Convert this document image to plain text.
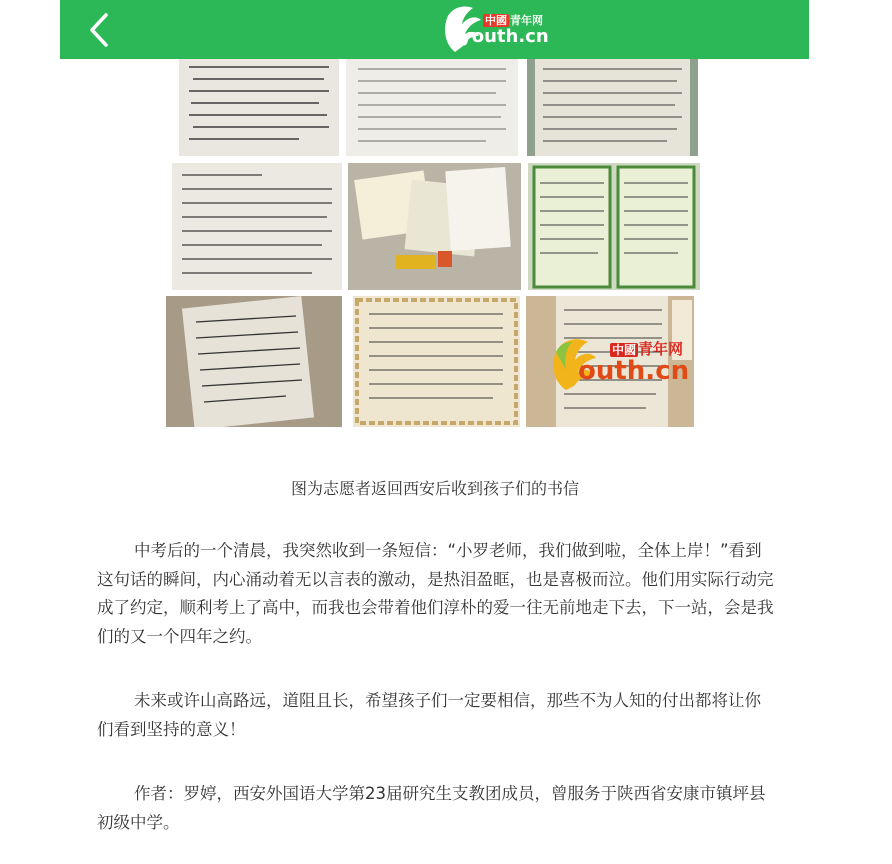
中國 青年网
youth.cn
中國 青年网
outh.cn
图为志愿者返回西安后收到孩子们的书信

中考后的一个清晨，我突然收到一条短信：“小罗老师，我们做到啦，全体上岸！”看到这句话的瞬间，内心涌动着无以言表的激动，是热泪盈眶，也是喜极而泣。他们用实际行动完成了约定，顺利考上了高中，而我也会带着他们淳朴的爱一往无前地走下去，下一站，会是我们的又一个四年之约。

未来或许山高路远，道阻且长，希望孩子们一定要相信，那些不为人知的付出都将让你们看到坚持的意义！

作者：罗婷，西安外国语大学第23届研究生支教团成员，曾服务于陕西省安康市镇坪县初级中学。
